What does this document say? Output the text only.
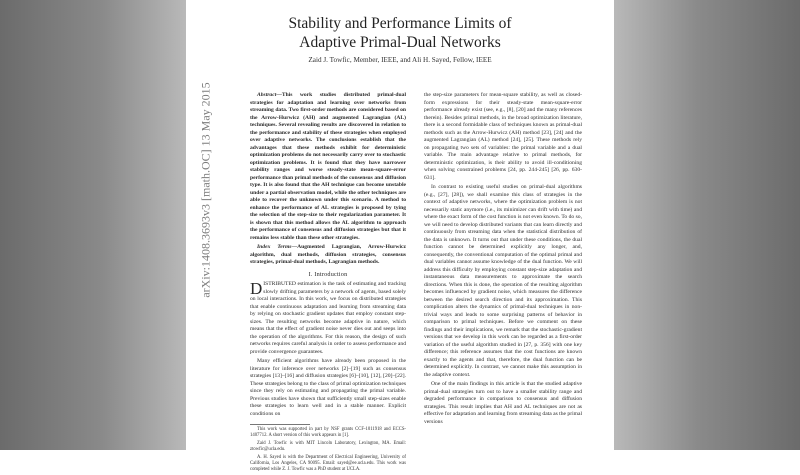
arXiv:1408.3693v3 [math.OC] 13 May 2015
Stability and Performance Limits of
Adaptive Primal-Dual Networks
Zaid J. Towfic, Member, IEEE, and Ali H. Sayed, Fellow, IEEE

Abstract—This work studies distributed primal-dual strategies for adaptation and learning over networks from streaming data. Two first-order methods are considered based on the Arrow-Hurwicz (AH) and augmented Lagrangian (AL) techniques. Several revealing results are discovered in relation to the performance and stability of these strategies when employed over adaptive networks. The conclusions establish that the advantages that these methods exhibit for deterministic optimization problems do not necessarily carry over to stochastic optimization problems. It is found that they have narrower stability ranges and worse steady-state mean-square-error performance than primal methods of the consensus and diffusion type. It is also found that the AH technique can become unstable under a partial observation model, while the other techniques are able to recover the unknown under this scenario. A method to enhance the performance of AL strategies is proposed by tying the selection of the step-size to their regularization parameter. It is shown that this method allows the AL algorithm to approach the performance of consensus and diffusion strategies but that it remains less stable than these other strategies.

Index Terms—Augmented Lagrangian, Arrow-Hurwicz algorithm, dual methods, diffusion strategies, consensus strategies, primal-dual methods, Lagrangian methods.

I. Introduction

DISTRIBUTED estimation is the task of estimating and tracking slowly drifting parameters by a network of agents, based solely on local interactions. In this work, we focus on distributed strategies that enable continuous adaptation and learning from streaming data by relying on stochastic gradient updates that employ constant step-sizes. The resulting networks become adaptive in nature, which means that the effect of gradient noise never dies out and seeps into the operation of the algorithms. For this reason, the design of such networks requires careful analysis in order to assess performance and provide convergence guarantees.

Many efficient algorithms have already been proposed in the literature for inference over networks [2]–[19] such as consensus strategies [13]–[16] and diffusion strategies [6]–[10], [12], [20]–[22]. These strategies belong to the class of primal optimization techniques since they rely on estimating and propagating the primal variable. Previous studies have shown that sufficiently small step-sizes enable these strategies to learn well and in a stable manner. Explicit conditions on

This work was supported in part by NSF grants CCF-1011918 and ECCS-1407712. A short version of this work appears in [1].

Zaid J. Towfic is with MIT Lincoln Laboratory, Lexington, MA. Email: ztowfic@ucla.edu.

A. H. Sayed is with the Department of Electrical Engineering, University of California, Los Angeles, CA 90095. Email: sayed@ee.ucla.edu. This work was completed while Z. J. Towfic was a PhD student at UCLA.

the step-size parameters for mean-square stability, as well as closed-form expressions for their steady-state mean-square-error performance already exist (see, e.g., [8], [20] and the many references therein). Besides primal methods, in the broad optimization literature, there is a second formidable class of techniques known as primal-dual methods such as the Arrow-Hurwicz (AH) method [23], [24] and the augmented Lagrangian (AL) method [24], [25]. These methods rely on propagating two sets of variables: the primal variable and a dual variable. The main advantage relative to primal methods, for deterministic optimization, is their ability to avoid ill-conditioning when solving constrained problems [24, pp. 244-245] [26, pp. 630-631].

In contrast to existing useful studies on primal-dual algorithms (e.g., [27], [28]), we shall examine this class of strategies in the context of adaptive networks, where the optimization problem is not necessarily static anymore (i.e., its minimizer can drift with time) and where the exact form of the cost function is not even known. To do so, we will need to develop distributed variants that can learn directly and continuously from streaming data when the statistical distribution of the data is unknown. It turns out that under these conditions, the dual function cannot be determined explicitly any longer, and, consequently, the conventional computation of the optimal primal and dual variables cannot assume knowledge of the dual function. We will address this difficulty by employing constant step-size adaptation and instantaneous data measurements to approximate the search directions. When this is done, the operation of the resulting algorithm becomes influenced by gradient noise, which measures the difference between the desired search direction and its approximation. This complication alters the dynamics of primal-dual techniques in non-trivial ways and leads to some surprising patterns of behavior in comparison to primal techniques. Before we comment on these findings and their implications, we remark that the stochastic-gradient versions that we develop in this work can be regarded as a first-order variation of the useful algorithm studied in [27, p. 356] with one key difference; this reference assumes that the cost functions are known exactly to the agents and that, therefore, the dual function can be determined explicitly. In contrast, we cannot make this assumption in the adaptive context.

One of the main findings in this article is that the studied adaptive primal-dual strategies turn out to have a smaller stability range and degraded performance in comparison to consensus and diffusion strategies. This result implies that AH and AL techniques are not as effective for adaptation and learning from streaming data as the primal versions
